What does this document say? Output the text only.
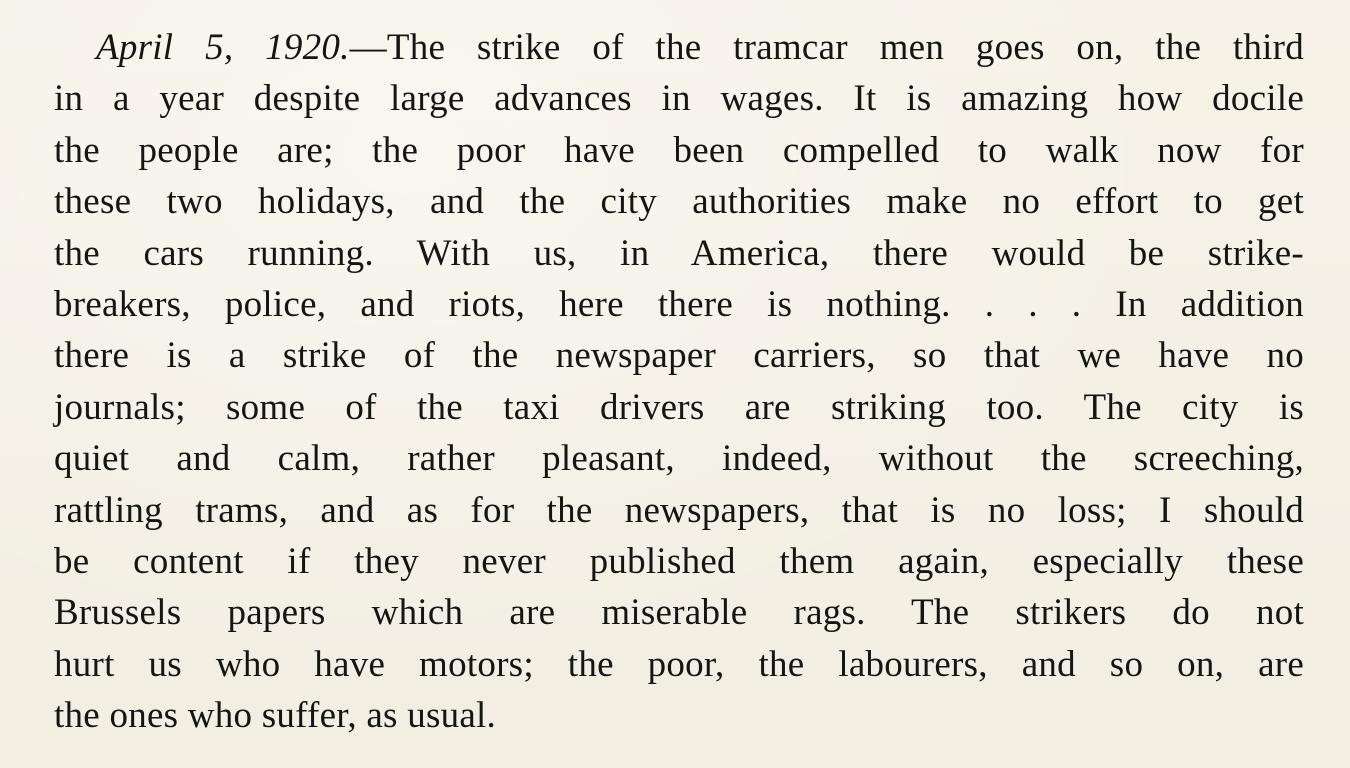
April 5, 1920.—The strike of the tramcar men goes on, the third
in a year despite large advances in wages. It is amazing how docile
the people are; the poor have been compelled to walk now for
these two holidays, and the city authorities make no effort to get
the cars running. With us, in America, there would be strike-
breakers, police, and riots, here there is nothing. . . . In addition
there is a strike of the newspaper carriers, so that we have no
journals; some of the taxi drivers are striking too. The city is
quiet and calm, rather pleasant, indeed, without the screeching,
rattling trams, and as for the newspapers, that is no loss; I should
be content if they never published them again, especially these
Brussels papers which are miserable rags. The strikers do not
hurt us who have motors; the poor, the labourers, and so on, are
the ones who suffer, as usual.
